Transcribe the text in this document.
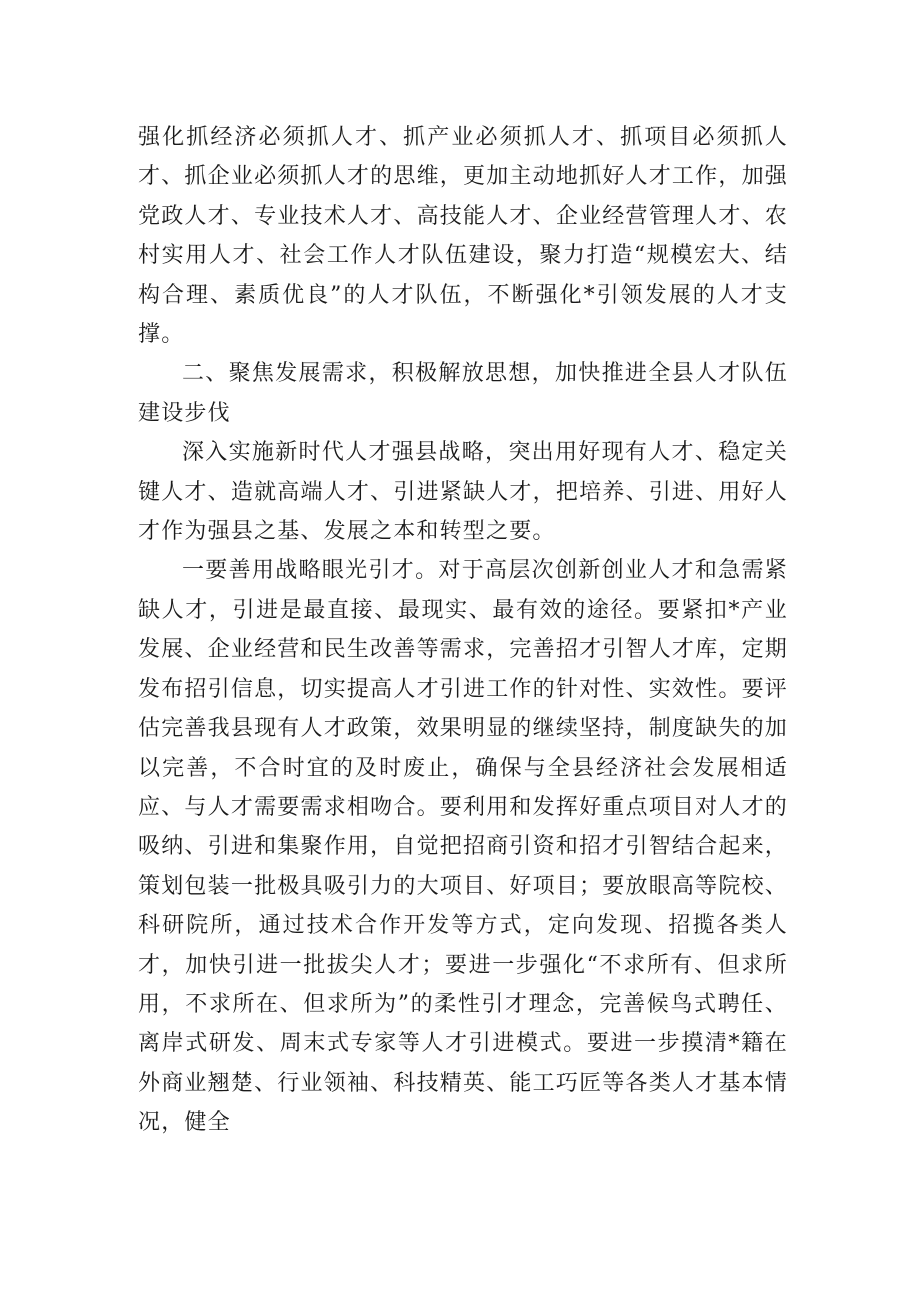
强化抓经济必须抓人才、抓产业必须抓人才、抓项目必须抓人才、抓企业必须抓人才的思维，更加主动地抓好人才工作，加强党政人才、专业技术人才、高技能人才、企业经营管理人才、农村实用人才、社会工作人才队伍建设，聚力打造“规模宏大、结构合理、素质优良”的人才队伍，不断强化*引领发展的人才支撑。

二、聚焦发展需求，积极解放思想，加快推进全县人才队伍建设步伐

深入实施新时代人才强县战略，突出用好现有人才、稳定关键人才、造就高端人才、引进紧缺人才，把培养、引进、用好人才作为强县之基、发展之本和转型之要。

一要善用战略眼光引才。对于高层次创新创业人才和急需紧缺人才，引进是最直接、最现实、最有效的途径。要紧扣*产业发展、企业经营和民生改善等需求，完善招才引智人才库，定期发布招引信息，切实提高人才引进工作的针对性、实效性。要评估完善我县现有人才政策，效果明显的继续坚持，制度缺失的加以完善，不合时宜的及时废止，确保与全县经济社会发展相适应、与人才需要需求相吻合。要利用和发挥好重点项目对人才的吸纳、引进和集聚作用，自觉把招商引资和招才引智结合起来，策划包装一批极具吸引力的大项目、好项目；要放眼高等院校、科研院所，通过技术合作开发等方式，定向发现、招揽各类人才，加快引进一批拔尖人才；要进一步强化“不求所有、但求所用，不求所在、但求所为”的柔性引才理念，完善候鸟式聘任、离岸式研发、周末式专家等人才引进模式。要进一步摸清*籍在外商业翘楚、行业领袖、科技精英、能工巧匠等各类人才基本情况，健全
